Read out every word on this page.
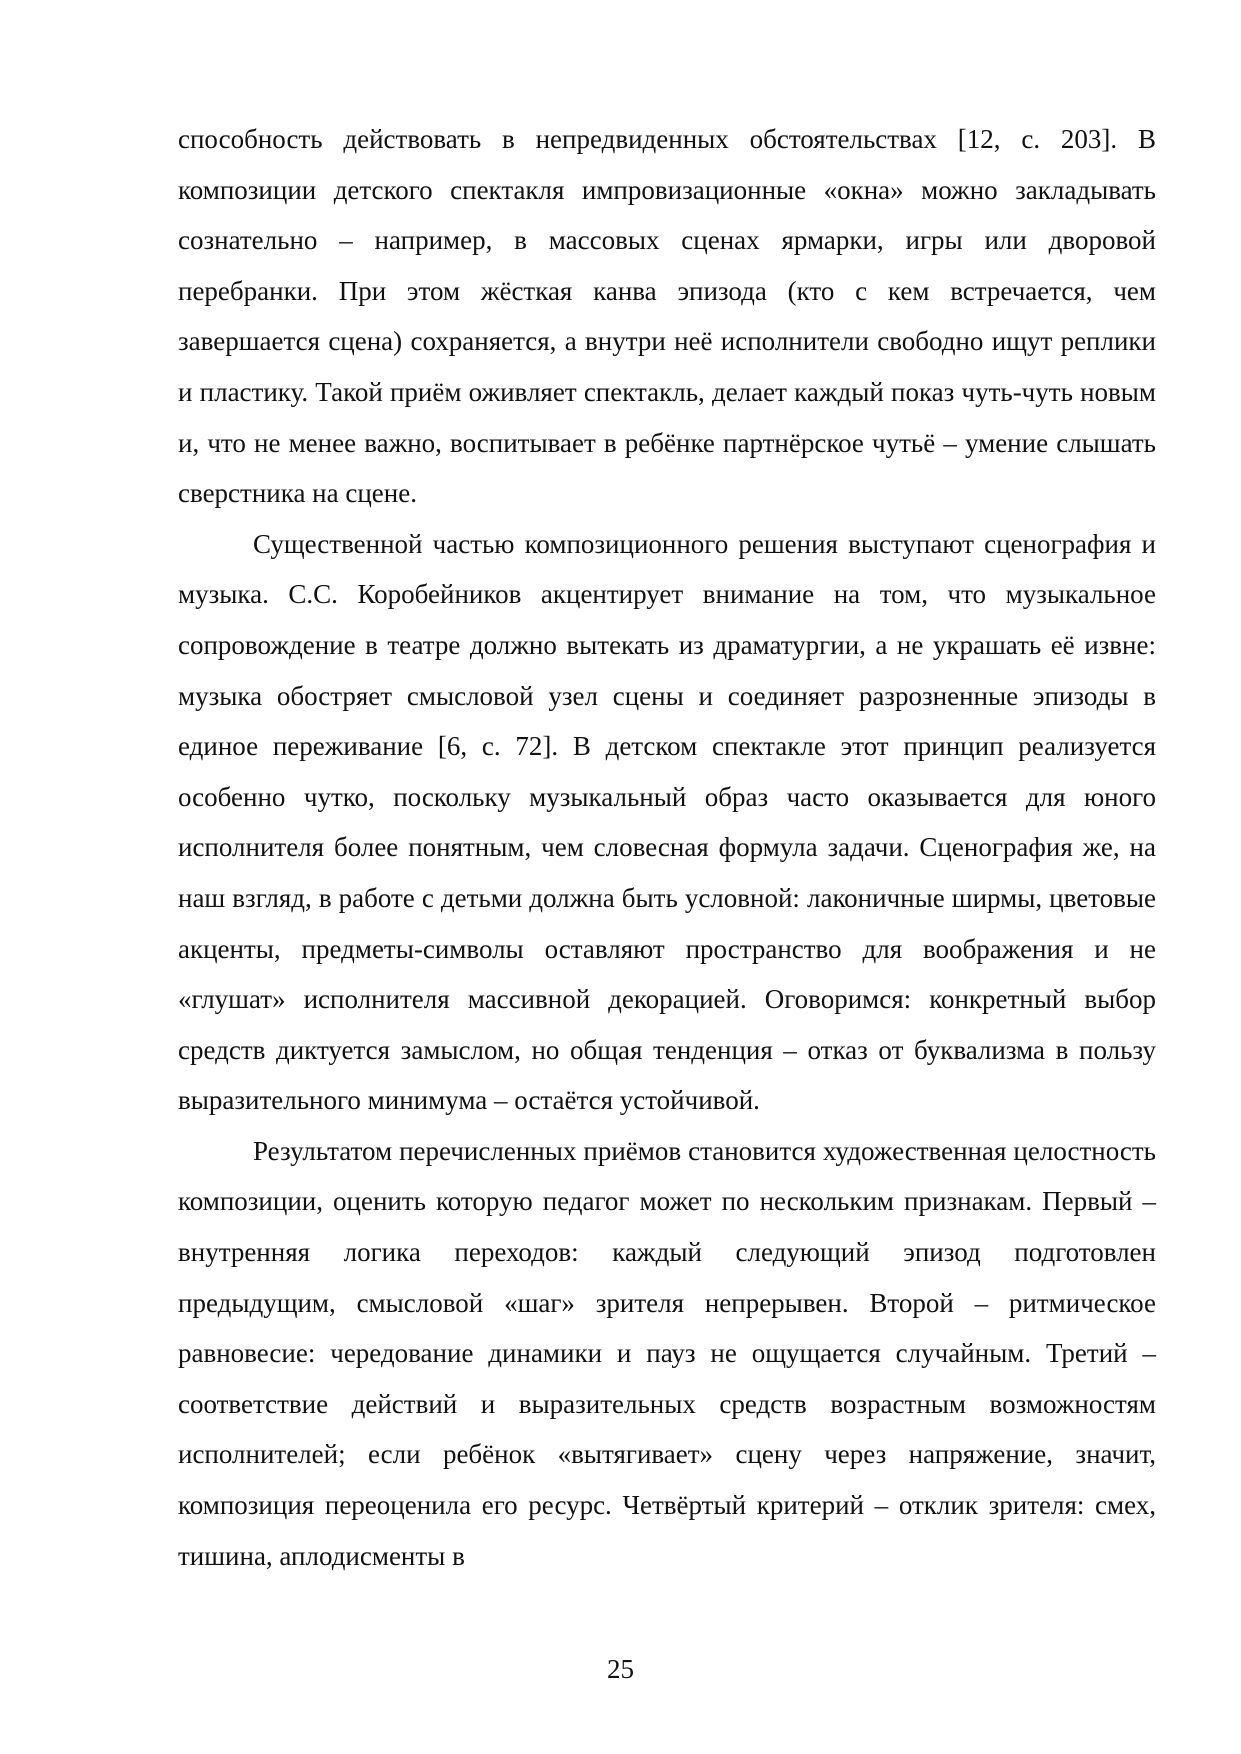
способность действовать в непредвиденных обстоятельствах [12, с. 203]. В композиции детского спектакля импровизационные «окна» можно закладывать сознательно – например, в массовых сценах ярмарки, игры или дворовой перебранки. При этом жёсткая канва эпизода (кто с кем встречается, чем завершается сцена) сохраняется, а внутри неё исполнители свободно ищут реплики и пластику. Такой приём оживляет спектакль, делает каждый показ чуть-чуть новым и, что не менее важно, воспитывает в ребёнке партнёрское чутьё – умение слышать сверстника на сцене.

Существенной частью композиционного решения выступают сценография и музыка. С.С. Коробейников акцентирует внимание на том, что музыкальное сопровождение в театре должно вытекать из драматургии, а не украшать её извне: музыка обостряет смысловой узел сцены и соединяет разрозненные эпизоды в единое переживание [6, с. 72]. В детском спектакле этот принцип реализуется особенно чутко, поскольку музыкальный образ часто оказывается для юного исполнителя более понятным, чем словесная формула задачи. Сценография же, на наш взгляд, в работе с детьми должна быть условной: лаконичные ширмы, цветовые акценты, предметы-символы оставляют пространство для воображения и не «глушат» исполнителя массивной декорацией. Оговоримся: конкретный выбор средств диктуется замыслом, но общая тенденция – отказ от буквализма в пользу выразительного минимума – остаётся устойчивой.

Результатом перечисленных приёмов становится художественная целостность композиции, оценить которую педагог может по нескольким признакам. Первый – внутренняя логика переходов: каждый следующий эпизод подготовлен предыдущим, смысловой «шаг» зрителя непрерывен. Второй – ритмическое равновесие: чередование динамики и пауз не ощущается случайным. Третий – соответствие действий и выразительных средств возрастным возможностям исполнителей; если ребёнок «вытягивает» сцену через напряжение, значит, композиция переоценила его ресурс. Четвёртый критерий – отклик зрителя: смех, тишина, аплодисменты в

25
